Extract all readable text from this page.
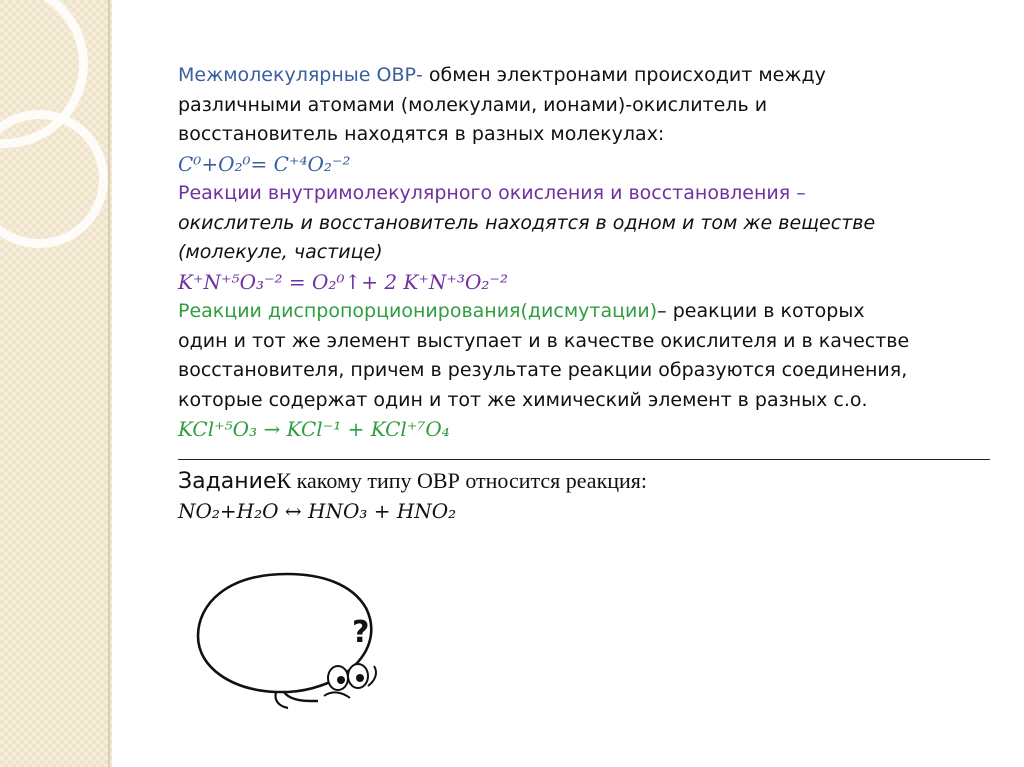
Межмолекулярные ОВР- обмен электронами происходит между
различными атомами (молекулами, ионами)-окислитель и
восстановитель находятся в разных молекулах:
C⁰+O₂⁰= C⁺⁴O₂⁻²
Реакции внутримолекулярного окисления и восстановления –
окислитель и восстановитель находятся в одном и том же веществе
(молекуле, частице)
K⁺N⁺⁵O₃⁻² = O₂⁰↑+ 2 K⁺N⁺³O₂⁻²
Реакции диспропорционирования(дисмутации)– реакции в которых
один и тот же элемент выступает и в качестве окислителя и в качестве
восстановителя, причем в результате реакции образуются соединения,
которые содержат один и тот же химический элемент в разных с.о.
KCl⁺⁵O₃ → KCl⁻¹ + KCl⁺⁷O₄
ЗаданиеК какому типу ОВР относится реакция:
NO₂+H₂O ↔ HNO₃ + HNO₂
?
